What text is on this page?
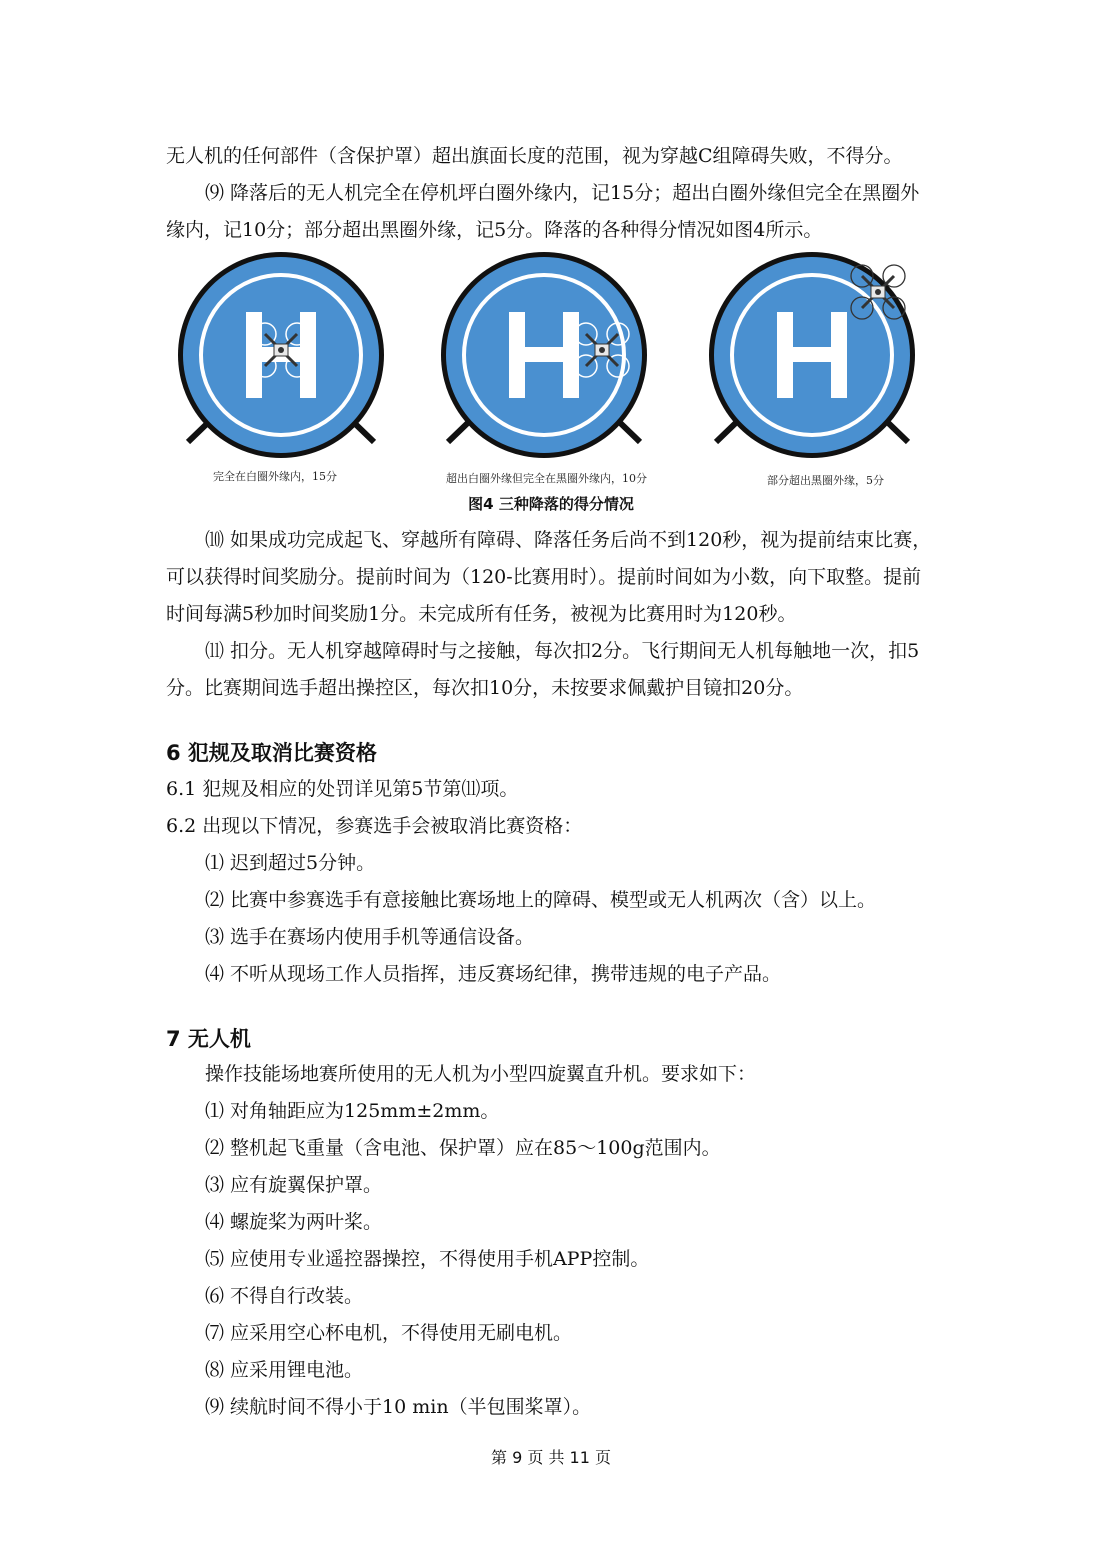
无人机的任何部件（含保护罩）超出旗面长度的范围，视为穿越C组障碍失败，不得分。

⑼ 降落后的无人机完全在停机坪白圈外缘内，记15分；超出白圈外缘但完全在黑圈外缘内，记10分；部分超出黑圈外缘，记5分。降落的各种得分情况如图4所示。

完全在白圈外缘内，15分	超出白圈外缘但完全在黑圈外缘内，10分	部分超出黑圈外缘，5分
图4 三种降落的得分情况

⑽ 如果成功完成起飞、穿越所有障碍、降落任务后尚不到120秒，视为提前结束比赛，可以获得时间奖励分。提前时间为（120-比赛用时）。提前时间如为小数，向下取整。提前时间每满5秒加时间奖励1分。未完成所有任务，被视为比赛用时为120秒。

⑾ 扣分。无人机穿越障碍时与之接触，每次扣2分。飞行期间无人机每触地一次，扣5分。比赛期间选手超出操控区，每次扣10分，未按要求佩戴护目镜扣20分。

6 犯规及取消比赛资格

6.1 犯规及相应的处罚详见第5节第⑾项。

6.2 出现以下情况，参赛选手会被取消比赛资格：

⑴ 迟到超过5分钟。

⑵ 比赛中参赛选手有意接触比赛场地上的障碍、模型或无人机两次（含）以上。

⑶ 选手在赛场内使用手机等通信设备。

⑷ 不听从现场工作人员指挥，违反赛场纪律，携带违规的电子产品。

7 无人机

操作技能场地赛所使用的无人机为小型四旋翼直升机。要求如下：

⑴ 对角轴距应为125mm±2mm。

⑵ 整机起飞重量（含电池、保护罩）应在85～100g范围内。

⑶ 应有旋翼保护罩。

⑷ 螺旋桨为两叶桨。

⑸ 应使用专业遥控器操控，不得使用手机APP控制。

⑹ 不得自行改装。

⑺ 应采用空心杯电机，不得使用无刷电机。

⑻ 应采用锂电池。

⑼ 续航时间不得小于10 min（半包围桨罩）。

第 9 页 共 11 页
